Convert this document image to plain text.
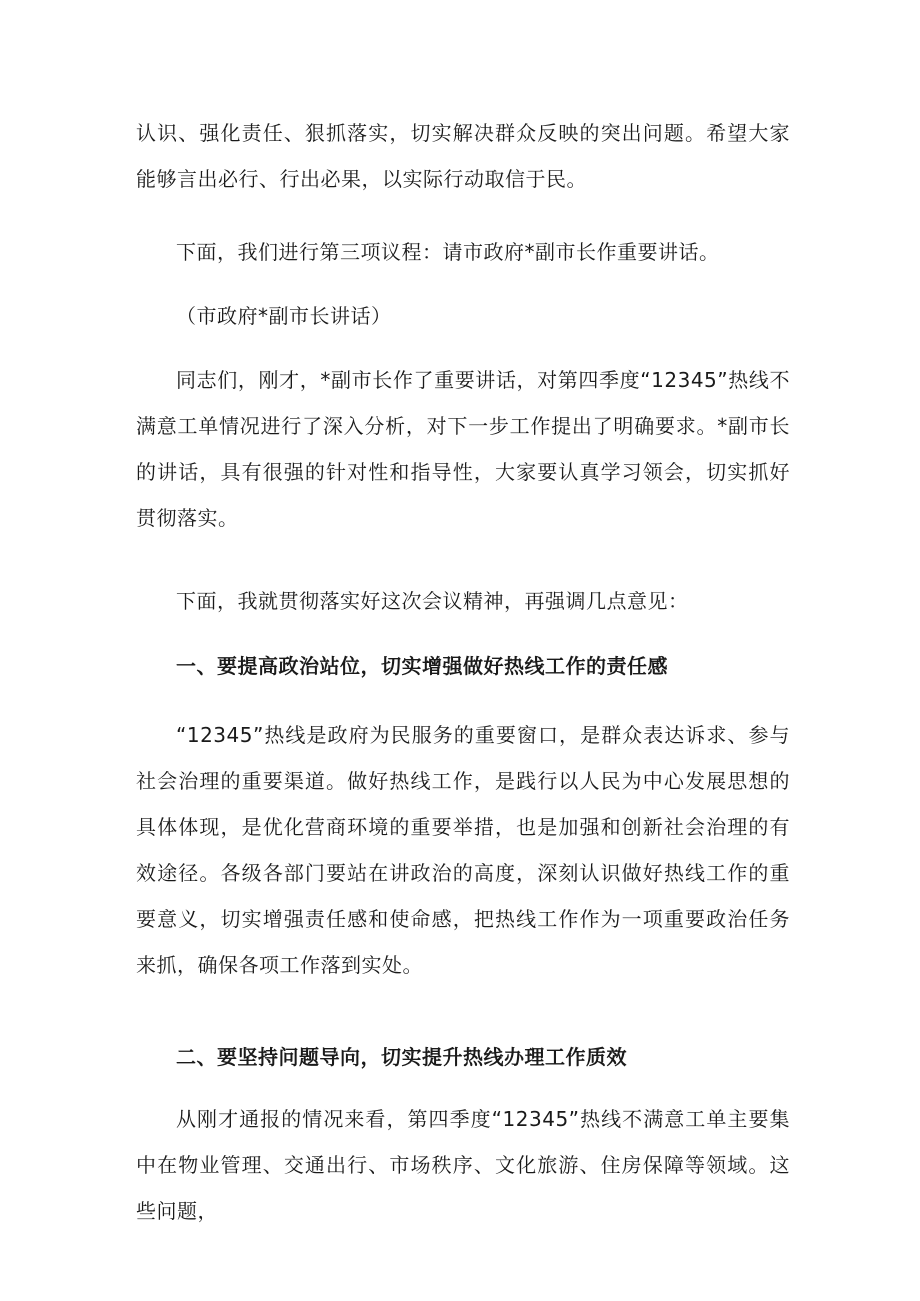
认识、强化责任、狠抓落实，切实解决群众反映的突出问题。希望大家能够言出必行、行出必果，以实际行动取信于民。
下面，我们进行第三项议程：请市政府*副市长作重要讲话。
（市政府*副市长讲话）
同志们，刚才，*副市长作了重要讲话，对第四季度“12345”热线不满意工单情况进行了深入分析，对下一步工作提出了明确要求。*副市长的讲话，具有很强的针对性和指导性，大家要认真学习领会，切实抓好贯彻落实。
下面，我就贯彻落实好这次会议精神，再强调几点意见：
一、要提高政治站位，切实增强做好热线工作的责任感
“12345”热线是政府为民服务的重要窗口，是群众表达诉求、参与社会治理的重要渠道。做好热线工作，是践行以人民为中心发展思想的具体体现，是优化营商环境的重要举措，也是加强和创新社会治理的有效途径。各级各部门要站在讲政治的高度，深刻认识做好热线工作的重要意义，切实增强责任感和使命感，把热线工作作为一项重要政治任务来抓，确保各项工作落到实处。
二、要坚持问题导向，切实提升热线办理工作质效
从刚才通报的情况来看，第四季度“12345”热线不满意工单主要集中在物业管理、交通出行、市场秩序、文化旅游、住房保障等领域。这些问题，
